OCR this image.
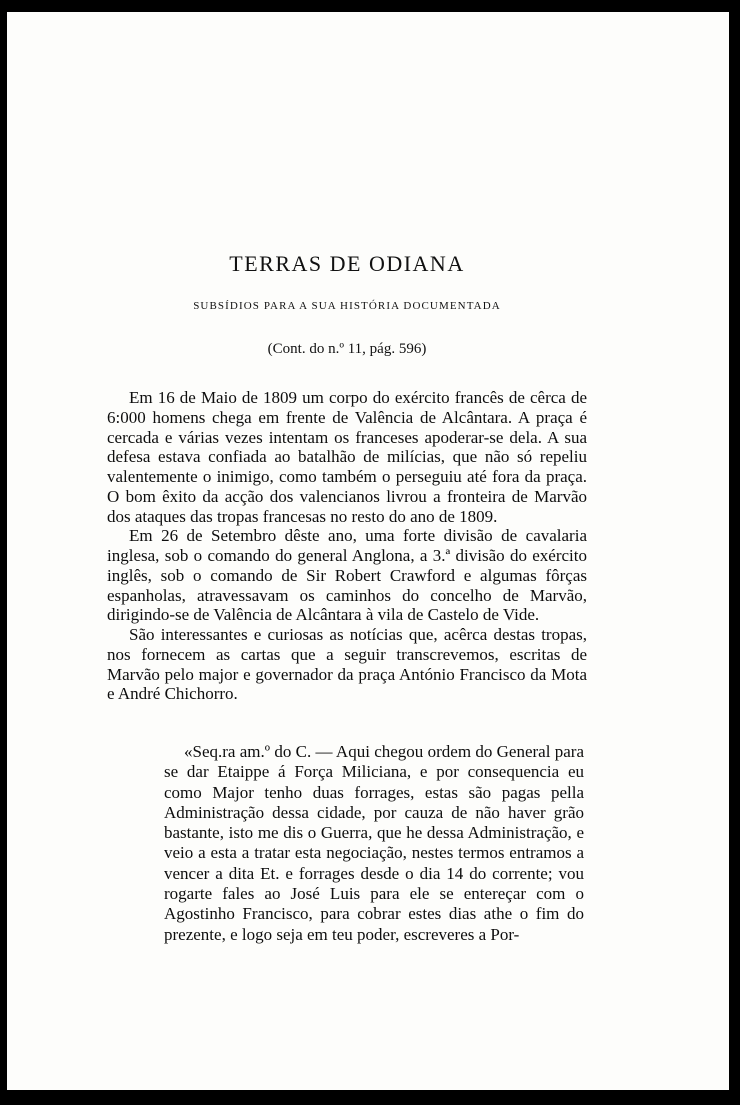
TERRAS DE ODIANA
SUBSÍDIOS PARA A SUA HISTÓRIA DOCUMENTADA
(Cont. do n.º 11, pág. 596)

Em 16 de Maio de 1809 um corpo do exército francês de cêrca de 6:000 homens chega em frente de Valência de Alcântara. A praça é cercada e várias vezes intentam os franceses apoderar-se dela. A sua defesa estava confiada ao batalhão de milícias, que não só repeliu valentemente o inimigo, como também o perseguiu até fora da praça. O bom êxito da acção dos valencianos livrou a fronteira de Marvão dos ataques das tropas francesas no resto do ano de 1809.

Em 26 de Setembro dêste ano, uma forte divisão de cavalaria inglesa, sob o comando do general Anglona, a 3.ª divisão do exército inglês, sob o comando de Sir Robert Crawford e algumas fôrças espanholas, atravessavam os caminhos do concelho de Marvão, dirigindo-se de Valência de Alcântara à vila de Castelo de Vide.

São interessantes e curiosas as notícias que, acêrca destas tropas, nos fornecem as cartas que a seguir transcrevemos, escritas de Marvão pelo major e governador da praça António Francisco da Mota e André Chichorro.

«Seq.ra am.º do C. — Aqui chegou ordem do General para se dar Etaippe á Força Miliciana, e por consequencia eu como Major tenho duas forrages, estas são pagas pella Administração dessa cidade, por cauza de não haver grão bastante, isto me dis o Guerra, que he dessa Administração, e veio a esta a tratar esta negociação, nestes termos entramos a vencer a dita Et. e forrages desde o dia 14 do corrente; vou rogarte fales ao José Luis para ele se entereçar com o Agostinho Francisco, para cobrar estes dias athe o fim do prezente, e logo seja em teu poder, escreveres a Por-
